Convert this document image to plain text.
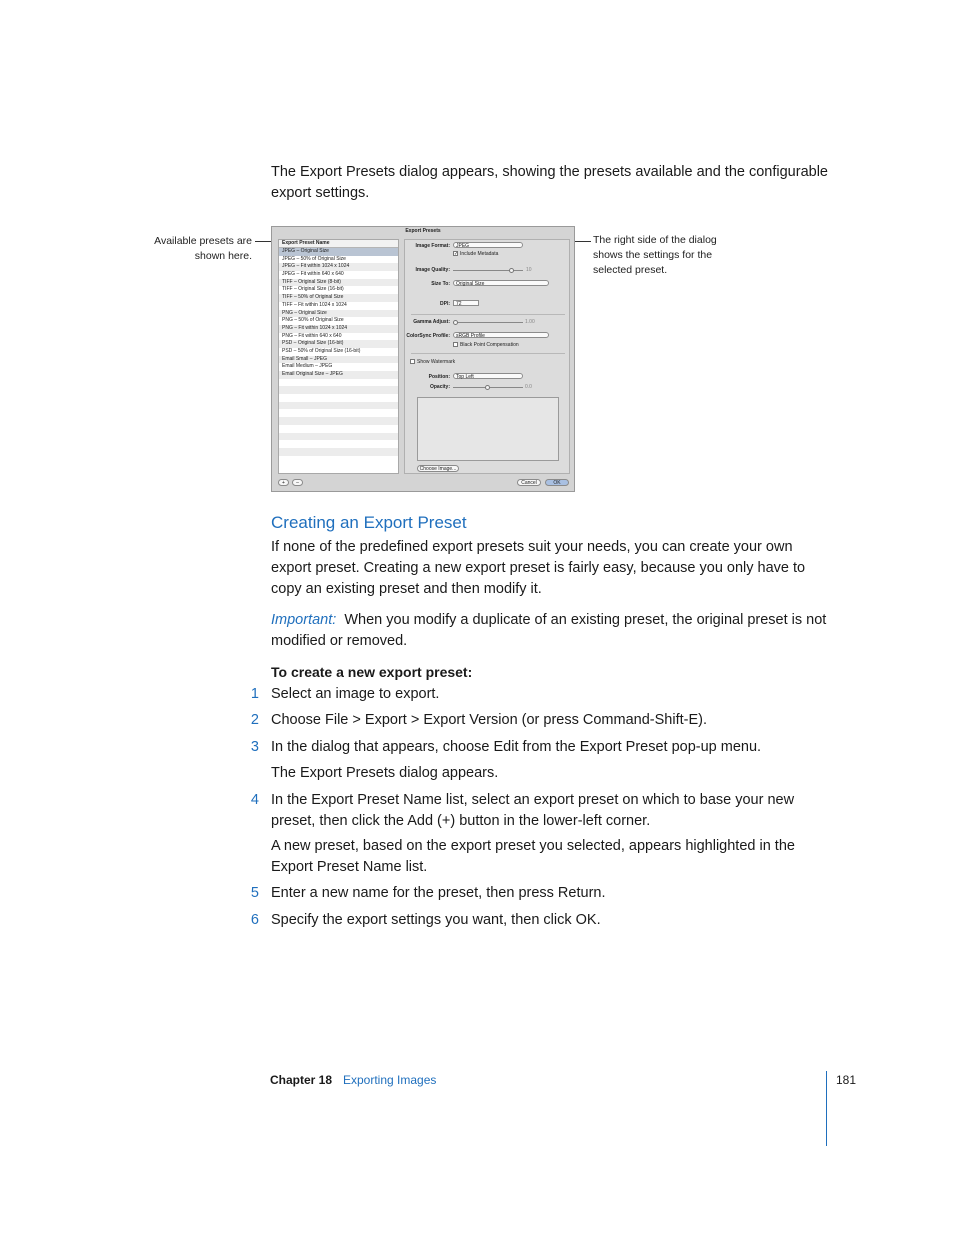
The Export Presets dialog appears, showing the presets available and the configurable export settings.
Available presets are shown here.
The right side of the dialog shows the settings for the selected preset.
Export Presets
Export Preset Name
JPEG – Original Size
JPEG – 50% of Original Size
JPEG – Fit within 1024 x 1024
JPEG – Fit within 640 x 640
TIFF – Original Size (8-bit)
TIFF – Original Size (16-bit)
TIFF – 50% of Original Size
TIFF – Fit within 1024 x 1024
PNG – Original Size
PNG – 50% of Original Size
PNG – Fit within 1024 x 1024
PNG – Fit within 640 x 640
PSD – Original Size (16-bit)
PSD – 50% of Original Size (16-bit)
Email Small – JPEG
Email Medium – JPEG
Email Original Size – JPEG

Image Format:	JPEG
✓ Include Metadata
Image Quality:	10
Size To:	Original Size
DPI:	72
Gamma Adjust:	1.00
ColorSync Profile:	sRGB Profile
Black Point Compensation
Show Watermark
Position:	Top Left
Opacity:	0.0
Choose Image...
+	–	Cancel	OK
Creating an Export Preset
If none of the predefined export presets suit your needs, you can create your own export preset. Creating a new export preset is fairly easy, because you only have to copy an existing preset and then modify it.
Important: When you modify a duplicate of an existing preset, the original preset is not modified or removed.
To create a new export preset:
1 Select an image to export.
2 Choose File > Export > Export Version (or press Command-Shift-E).
3 In the dialog that appears, choose Edit from the Export Preset pop-up menu.
The Export Presets dialog appears.
4 In the Export Preset Name list, select an export preset on which to base your new preset, then click the Add (+) button in the lower-left corner.
A new preset, based on the export preset you selected, appears highlighted in the Export Preset Name list.
5 Enter a new name for the preset, then press Return.
6 Specify the export settings you want, then click OK.
Chapter 18 Exporting Images	181
